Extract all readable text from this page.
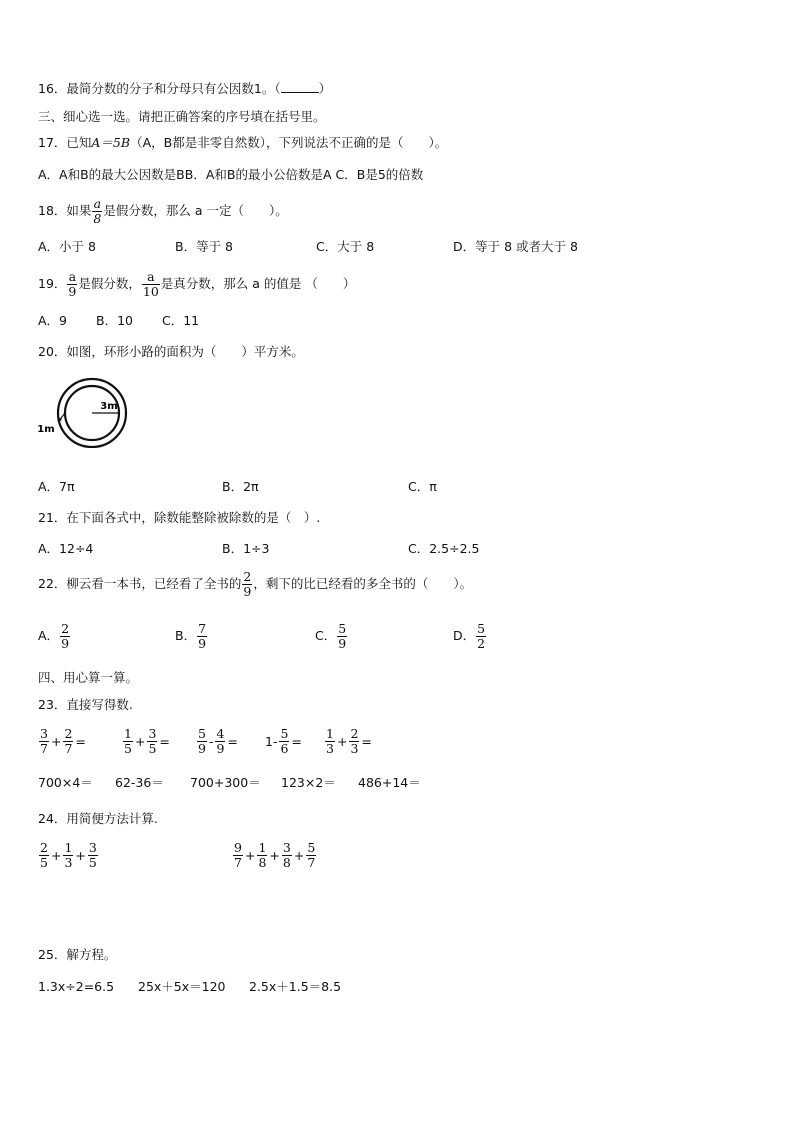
16．最简分数的分子和分母只有公因数1。（	）
三、细心选一选。请把正确答案的序号填在括号里。
17．已知A＝5B（A，B都是非零自然数），下列说法不正确的是（　　）。
A．A和B的最大公因数是BB．A和B的最小公倍数是A C．B是5的倍数
18．如果 $\frac{a}{8}$ 是假分数，那么 a 一定（　　）。
A．小于 8	B．等于 8	C．大于 8	D．等于 8 或者大于 8
19． $\frac{a}{9}$ 是假分数， $\frac{a}{10}$ 是真分数，那么 a 的值是 （　　）
A．9 B．10 C．11
20．如图，环形小路的面积为（　　）平方米。
3m
1m
A．7π	B．2π	C．π
21．在下面各式中，除数能整除被除数的是（　）.
A．12÷4	B．1÷3	C．2.5÷2.5
22．柳云看一本书，已经看了全书的 $\frac{2}{9}$ ，剩下的比已经看的多全书的（　　）。
A． $\frac{2}{9}$	B． $\frac{7}{9}$	C． $\frac{5}{9}$	D． $\frac{5}{2}$
四、用心算一算。
23．直接写得数.
$\frac{3}{7} + \frac{2}{7}$ =	$\frac{1}{5} + \frac{3}{5} = \frac{5}{9} - \frac{4}{9} = 1- \frac{5}{6} = \frac{1}{3} + \frac{2}{3}$ =
700×4＝ 62-36＝ 700+300＝ 123×2＝ 486+14＝
24．用简便方法计算.
$\frac{2}{5} + \frac{1}{3} + \frac{3}{5}$	$\frac{9}{7} + \frac{1}{8} + \frac{3}{8} + \frac{5}{7}$
25．解方程。
1.3x÷2=6.5 25x＋5x＝120 2.5x＋1.5＝8.5
